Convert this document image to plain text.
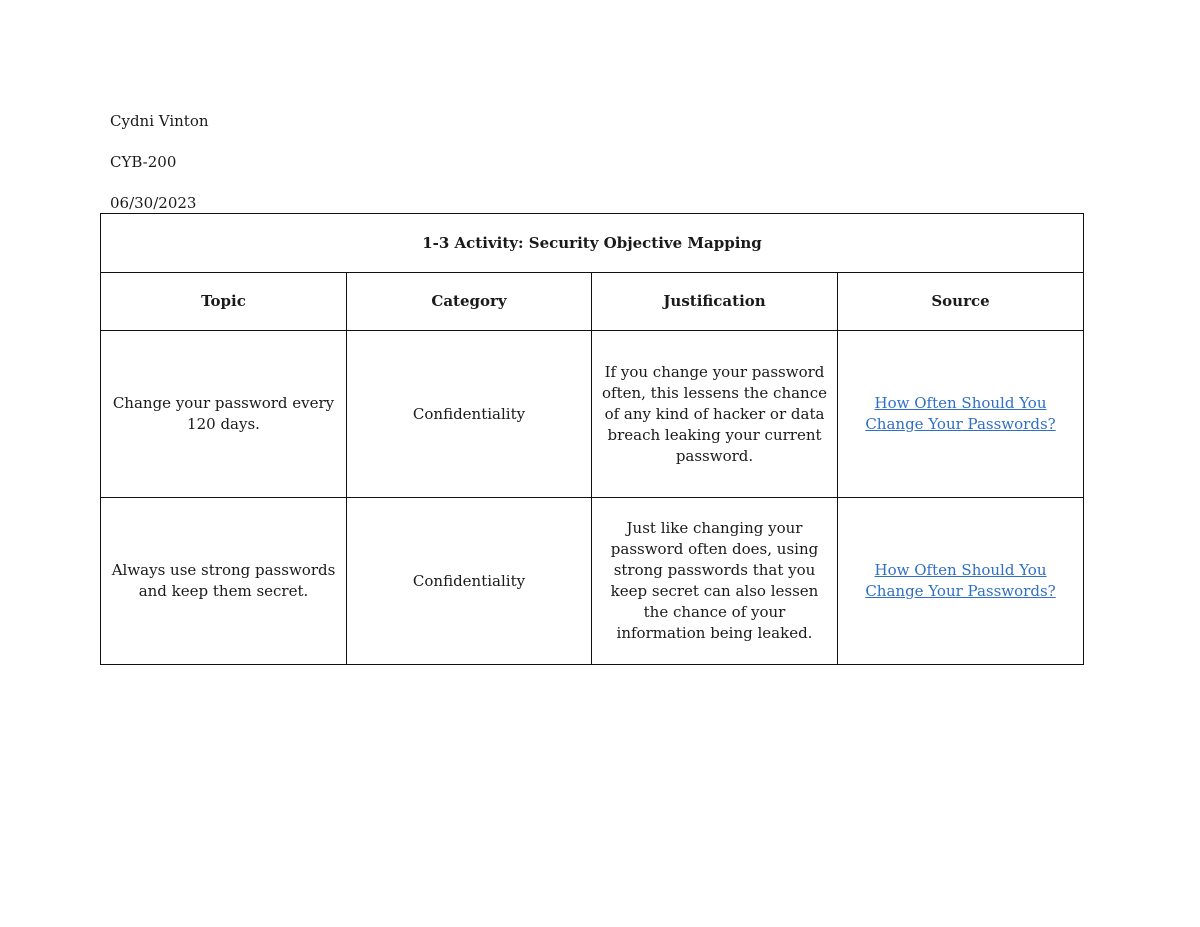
Cydni Vinton
CYB-200
06/30/2023
1-3 Activity: Security Objective Mapping			
Topic	Category	Justification	Source
Change your password every 120 days.	Confidentiality	If you change your password often, this lessens the chance of any kind of hacker or data breach leaking your current password.	How Often Should You Change Your Passwords?
Always use strong passwords and keep them secret.	Confidentiality	Just like changing your password often does, using strong passwords that you keep secret can also lessen the chance of your information being leaked.	How Often Should You Change Your Passwords?
